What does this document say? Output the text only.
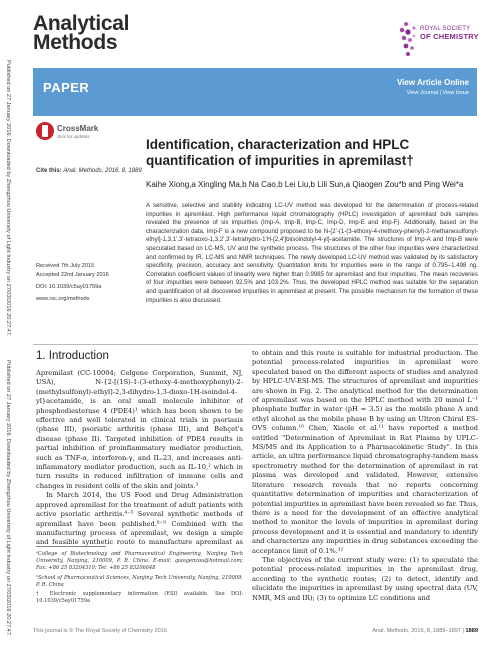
Published on 27 January 2016. Downloaded by Zhengzhou University of Light Industry on 27/03/2016 20:27:47.
Published on 27 January 2016. Downloaded by Zhengzhou University of Light Industry on 27/03/2016 20:27:47.
Analytical
Methods
ROYAL SOCIETY
OF CHEMISTRY
PAPER	View Article Online
View Journal | View Issue
CrossMark
click for updates
Cite this: Anal. Methods, 2016, 8, 1889
Identification, characterization and HPLC quantification of impurities in apremilast†
Kaihe Xiong,a Xingling Ma,b Na Cao,b Lei Liu,b Lili Sun,a Qiaogen Zou*b and Ping Wei*a
A sensitive, selective and stability indicating LC-UV method was developed for the determination of process-related impurities in apremilast. High performance liquid chromatography (HPLC) investigation of apremilast bulk samples revealed the presence of six impurities (Imp-A, Imp-B, Imp-C, Imp-D, Imp-E and Imp-F). Additionally, based on the characterization data, Imp-F is a new compound proposed to be N-{2'-(1-(3-ethoxy-4-methoxy-phenyl)-2-methanesulfonyl-ethyl]-1,3,1',3'-tetraoxo-1,3,2',3'-tetrahydro-1'H-[2,4']biisoindolyl-4-yl}-acetamide. The structures of Imp-A and Imp-B were speculated based on LC-MS, UV and the synthetic process. The structures of the other four impurities were characterized and confirmed by IR, LC-MS and NMR techniques. The newly developed LC-UV method was validated by its satisfactory specificity, precision, accuracy and sensitivity. Quantitation limits for impurities were in the range of 0.795–1.498 ng. Correlation coefficient values of linearity were higher than 0.9985 for apremilast and four impurities. The mean recoveries of four impurities were between 92.5% and 103.2%. Thus, the developed HPLC method was suitable for the separation and quantification of all discovered impurities in apremilast at present. The possible mechanism for the formation of these impurities is also discussed.
Received 7th July 2015
Accepted 22nd January 2016
DOI: 10.1039/c5ay01759a
www.rsc.org/methods
1. Introduction

Apremilast (CC-10004; Celgene Corporation, Summit, NJ, USA), N-{2-[(1S)-1-(3-ethoxy-4-methoxyphenyl)-2-(methylsulfonyl)-ethyl]-2,3-dihydro-1,3-dioxo-1H-isoindol-4-yl}acetamide, is an oral small molecule inhibitor of phosphodiesterase 4 (PDE4)¹ which has been shown to be effective and well tolerated in clinical trials in psoriasis (phase III), psoriatic arthritis (phase III), and Behçet's disease (phase II). Targeted inhibition of PDE4 results in partial inhibition of proinflammatory mediator production, such as TNF-α, interferon-γ, and IL-23, and increases anti-inflammatory mediator production, such as IL-10,² which in turn results in reduced infiltration of immune cells and changes in resident cells of the skin and joints.³

In March 2014, the US Food and Drug Administration approved apremilast for the treatment of adult patients with active psoriatic arthritis.⁴⁻⁵ Several synthetic methods of apremilast have been published.⁶⁻⁹ Combined with the manufacturing process of apremilast, we design a simple and feasible synthetic route to manufacture apremilast as

to obtain and this route is suitable for industrial production. The potential process-related impurities in apremilast were speculated based on the different aspects of studies and analyzed by HPLC-UV-ESI-MS. The structures of apremilast and impurities are shown in Fig. 2. The analytical method for the determination of apremilast was based on the HPLC method with 20 mmol L⁻¹ phosphate buffer in water (pH = 3.5) as the mobile phase A and ethyl alcohol as the mobile phase B by using an Ultron Chiral ES-OVS column.¹⁰ Chen, Xiaole et al.¹¹ have reported a method entitled "Determination of Apremilast in Rat Plasma by UPLC-MS/MS and its Application to a Pharmacokinetic Study". In this article, an ultra performance liquid chromatography-tandem mass spectrometry method for the determination of apremilast in rat plasma was developed and validated. However, extensive literature research reveals that no reports concerning quantitative determination of impurities and characterization of potential impurities in apremilast have been revealed so far. Thus, there is a need for the development of an effective analytical method to monitor the levels of impurities in apremilast during process development and it is essential and mandatory to identify and characterize any impurities in drug substances exceeding the acceptance limit of 0.1%.¹²

The objectives of the current study were: (1) to speculate the potential process-related impurities in the apremilast drug, according to the synthetic routes; (2) to detect, identify and elucidate the impurities in apremilast by using spectral data (UV, NMR, MS and IR); (3) to optimize LC conditions and

ᵃCollege of Biotechnology and Pharmaceutical Engineering, Nanjing Tech University, Nanjing, 210009, P. R. China. E-mail: qiaogenzou@hotmail.com; Fax: +86 25 83204310; Tel: +86 25 83206648

ᵇSchool of Pharmaceutical Sciences, Nanjing Tech University, Nanjing, 210009, P. R. China

† Electronic supplementary information (ESI) available. See DOI: 10.1039/c5ay01759a

This journal is © The Royal Society of Chemistry 2016	Anal. Methods, 2016, 8, 1889–1897 | 1889
